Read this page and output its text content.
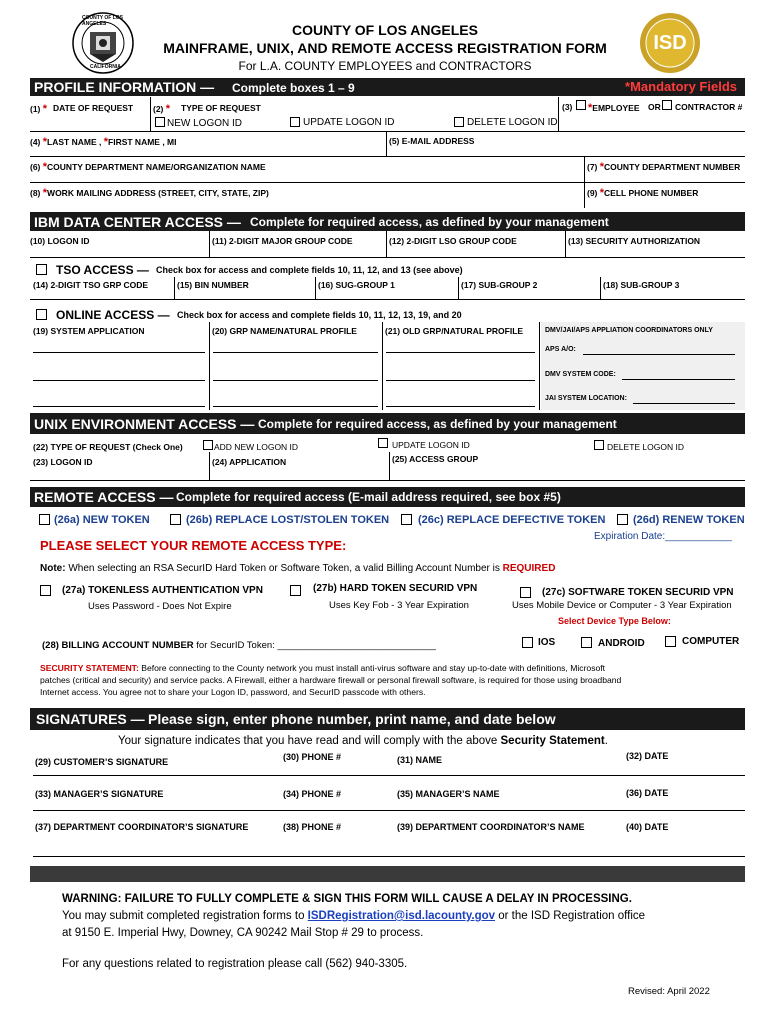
COUNTY OF LOS ANGELES
CALIFORNIA
COUNTY OF LOS ANGELES
MAINFRAME, UNIX, AND REMOTE ACCESS REGISTRATION FORM
For L.A. COUNTY EMPLOYEES and CONTRACTORS
ISD
PROFILE INFORMATION — Complete boxes 1 – 9	*Mandatory Fields
(1) * DATE OF REQUEST (2) * TYPE OF REQUEST
NEW LOGON ID	UPDATE LOGON ID	DELETE LOGON ID
(3) *EMPLOYEE OR CONTRACTOR #
(4) *LAST NAME , *FIRST NAME , MI	(5) E-MAIL ADDRESS
(6) *COUNTY DEPARTMENT NAME/ORGANIZATION NAME	(7) *COUNTY DEPARTMENT NUMBER
(8) *WORK MAILING ADDRESS (STREET, CITY, STATE, ZIP)	(9) *CELL PHONE NUMBER
IBM DATA CENTER ACCESS — Complete for required access, as defined by your management
(10) LOGON ID	(11) 2-DIGIT MAJOR GROUP CODE	(12) 2-DIGIT LSO GROUP CODE	(13) SECURITY AUTHORIZATION
TSO ACCESS — Check box for access and complete fields 10, 11, 12, and 13 (see above)
(14) 2-DIGIT TSO GRP CODE	(15) BIN NUMBER	(16) SUG-GROUP 1	(17) SUB-GROUP 2	(18) SUB-GROUP 3
ONLINE ACCESS — Check box for access and complete fields 10, 11, 12, 13, 19, and 20
(19) SYSTEM APPLICATION	(20) GRP NAME/NATURAL PROFILE	(21) OLD GRP/NATURAL PROFILE	DMV/JAI/APS APPLIATION COORDINATORS ONLY
APS A/O:
DMV SYSTEM CODE:
JAI SYSTEM LOCATION:
UNIX ENVIRONMENT ACCESS — Complete for required access, as defined by your management
(22) TYPE OF REQUEST (Check One)	ADD NEW LOGON ID	UPDATE LOGON ID	DELETE LOGON ID
(23) LOGON ID	(24) APPLICATION	(25) ACCESS GROUP
REMOTE ACCESS — Complete for required access (E-mail address required, see box #5)
(26a) NEW TOKEN	(26b) REPLACE LOST/STOLEN TOKEN	(26c) REPLACE DEFECTIVE TOKEN	(26d) RENEW TOKEN
Expiration Date:____________
PLEASE SELECT YOUR REMOTE ACCESS TYPE:
Note: When selecting an RSA SecurID Hard Token or Software Token, a valid Billing Account Number is REQUIRED
(27a) TOKENLESS AUTHENTICATION VPN
Uses Password - Does Not Expire
(27b) HARD TOKEN SECURID VPN
Uses Key Fob - 3 Year Expiration
(27c) SOFTWARE TOKEN SECURID VPN
Uses Mobile Device or Computer - 3 Year Expiration
Select Device Type Below:
(28) BILLING ACCOUNT NUMBER for SecurID Token: ______________________________	IOS	ANDROID	COMPUTER
SECURITY STATEMENT: Before connecting to the County network you must install anti-virus software and stay up-to-date with definitions, Microsoft
patches (critical and security) and service packs. A Firewall, either a hardware firewall or personal firewall software, is required for those using broadband
Internet access. You agree not to share your Logon ID, password, and SecurID passcode with others.
SIGNATURES — Please sign, enter phone number, print name, and date below
Your signature indicates that you have read and will comply with the above Security Statement.
(29) CUSTOMER’S SIGNATURE	(30) PHONE #	(31) NAME	(32) DATE
(33) MANAGER’S SIGNATURE	(34) PHONE #	(35) MANAGER’S NAME	(36) DATE
(37) DEPARTMENT COORDINATOR’S SIGNATURE	(38) PHONE #	(39) DEPARTMENT COORDINATOR’S NAME	(40) DATE
WARNING: FAILURE TO FULLY COMPLETE & SIGN THIS FORM WILL CAUSE A DELAY IN PROCESSING.
You may submit completed registration forms to ISDRegistration@isd.lacounty.gov or the ISD Registration office
at 9150 E. Imperial Hwy, Downey, CA 90242 Mail Stop # 29 to process.
For any questions related to registration please call (562) 940-3305.
Revised: April 2022
